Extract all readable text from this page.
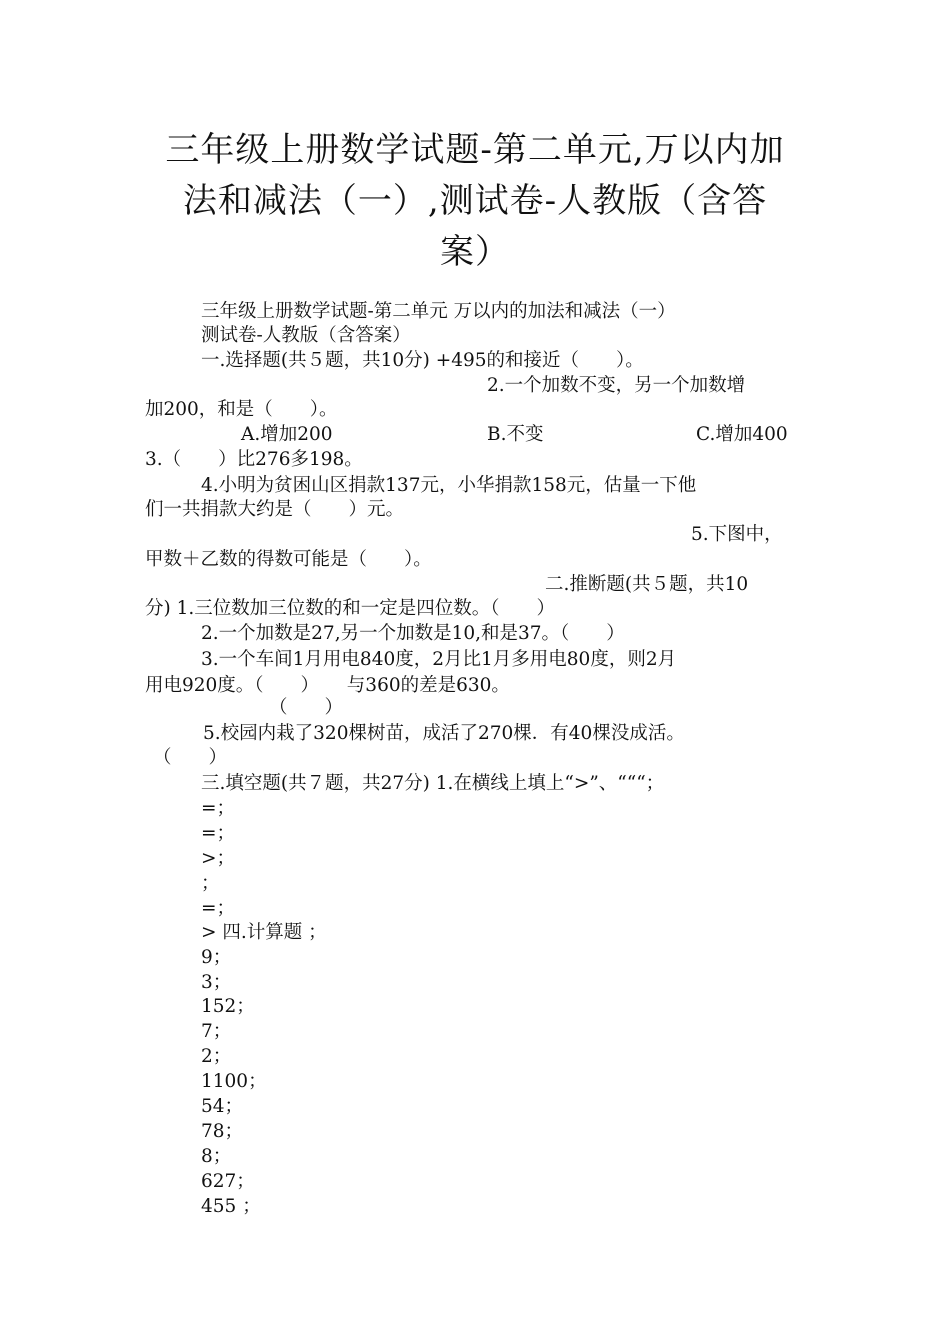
三年级上册数学试题-第二单元,万以内加
法和减法（一）,测试卷-人教版（含答
案）
三年级上册数学试题-第二单元 万以内的加法和减法（一）
测试卷-人教版（含答案）
一.选择题(共５题，共10分) +495的和接近（　　）。
2.一个加数不变，另一个加数增
加200，和是（　　）。
A.增加200	B.不变	C.增加400
3.（　　）比276多198。
4.小明为贫困山区捐款137元，小华捐款158元，估量一下他
们一共捐款大约是（　　）元。
5.下图中，
甲数＋乙数的得数可能是（　　）。
二.推断题(共５题，共10
分) 1.三位数加三位数的和一定是四位数。（　　）
2.一个加数是27,另一个加数是10,和是37。（　　）
3.一个车间1月用电840度，2月比1月多用电80度，则2月
用电920度。（　　）　　与360的差是630。
（　　）
5.校园内栽了320棵树苗，成活了270棵．有40棵没成活。
（　　）
三.填空题(共７题，共27分) 1.在横线上填上“>”、“““；
=；
=；
>；
；
=；
> 四.计算题 ；
9；
3；
152；
7；
2；
1100；
54；
78；
8；
627；
455 ；
